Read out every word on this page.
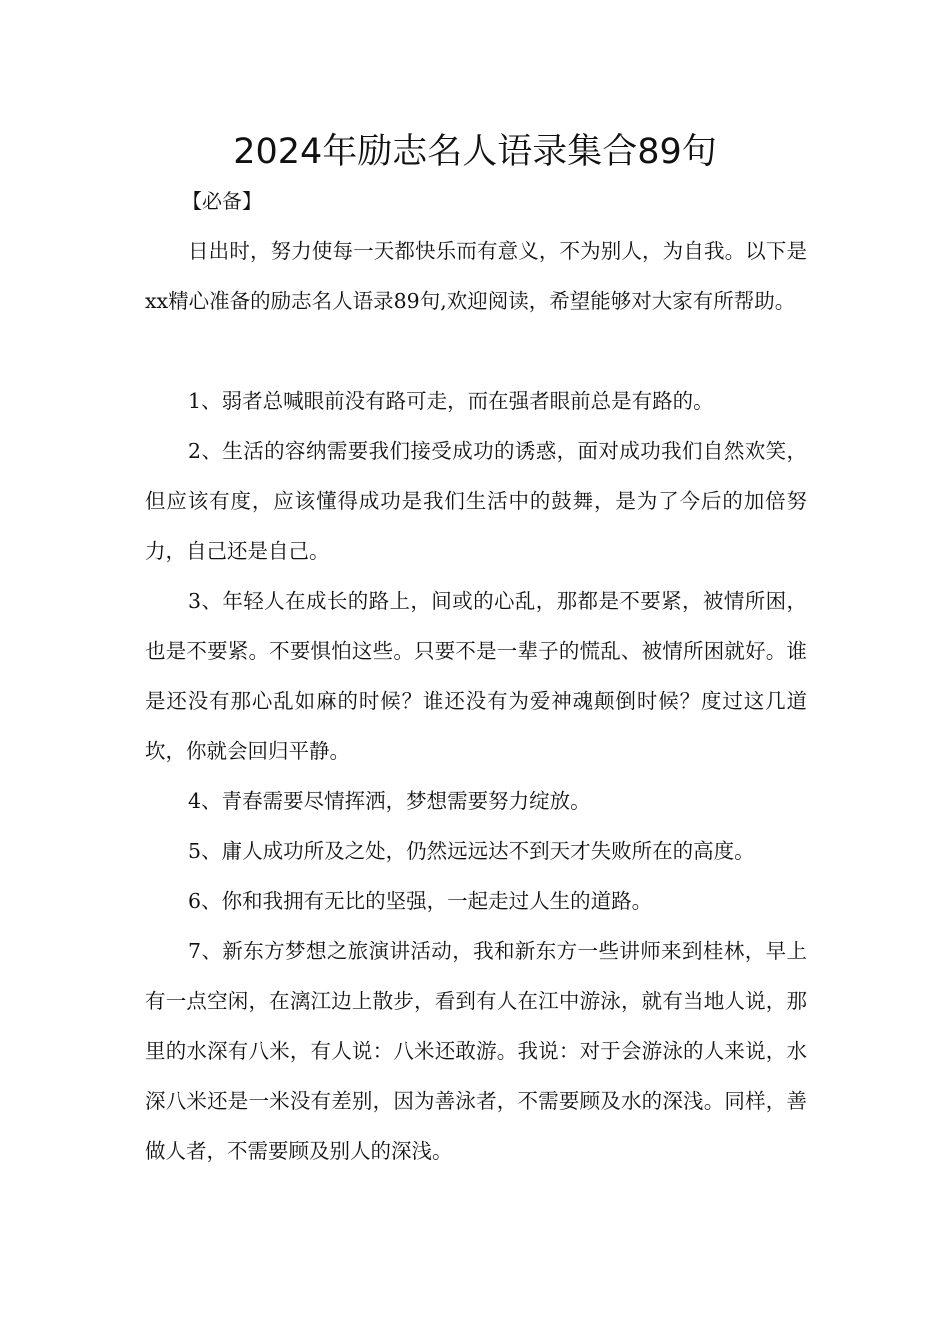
2024年励志名人语录集合89句
【必备】

日出时，努力使每一天都快乐而有意义，不为别人，为自我。以下是xx精心准备的励志名人语录89句,欢迎阅读，希望能够对大家有所帮助。

1、弱者总喊眼前没有路可走，而在强者眼前总是有路的。

2、生活的容纳需要我们接受成功的诱惑，面对成功我们自然欢笑，但应该有度，应该懂得成功是我们生活中的鼓舞，是为了今后的加倍努力，自己还是自己。

3、年轻人在成长的路上，间或的心乱，那都是不要紧，被情所困，也是不要紧。不要惧怕这些。只要不是一辈子的慌乱、被情所困就好。谁是还没有那心乱如麻的时候？谁还没有为爱神魂颠倒时候？度过这几道坎，你就会回归平静。

4、青春需要尽情挥洒，梦想需要努力绽放。

5、庸人成功所及之处，仍然远远达不到天才失败所在的高度。

6、你和我拥有无比的坚强，一起走过人生的道路。

7、新东方梦想之旅演讲活动，我和新东方一些讲师来到桂林，早上有一点空闲，在漓江边上散步，看到有人在江中游泳，就有当地人说，那里的水深有八米，有人说：八米还敢游。我说：对于会游泳的人来说，水深八米还是一米没有差别，因为善泳者，不需要顾及水的深浅。同样，善做人者，不需要顾及别人的深浅。
